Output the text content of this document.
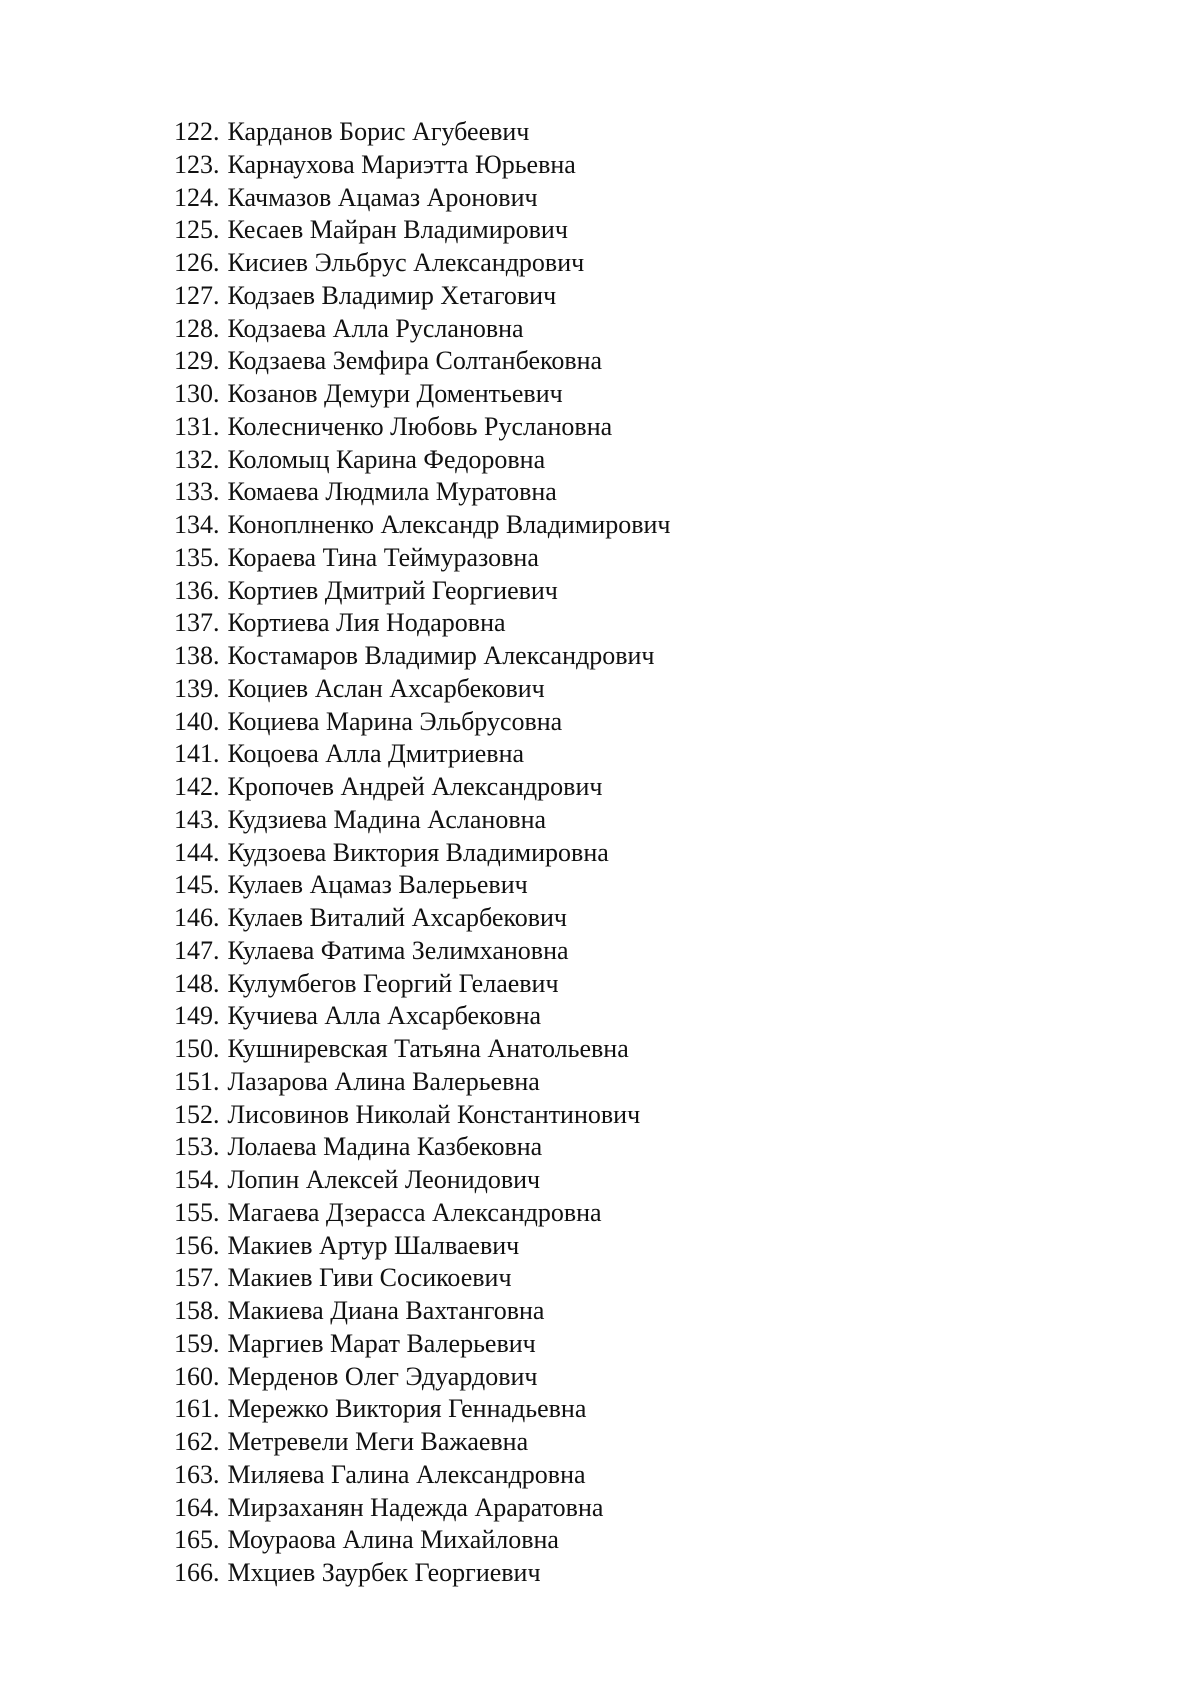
122. Карданов Борис Агубеевич
123. Карнаухова Мариэтта Юрьевна
124. Качмазов Ацамаз Аронович
125. Кесаев Майран Владимирович
126. Кисиев Эльбрус Александрович
127. Кодзаев Владимир Хетагович
128. Кодзаева Алла Руслановна
129. Кодзаева Земфира Солтанбековна
130. Козанов Демури Доментьевич
131. Колесниченко Любовь Руслановна
132. Коломыц Карина Федоровна
133. Комаева Людмила Муратовна
134. Коноплненко Александр Владимирович
135. Кораева Тина Теймуразовна
136. Кортиев Дмитрий Георгиевич
137. Кортиева Лия Нодаровна
138. Костамаров Владимир Александрович
139. Коциев Аслан Ахсарбекович
140. Коциева Марина Эльбрусовна
141. Коцоева Алла Дмитриевна
142. Кропочев Андрей Александрович
143. Кудзиева Мадина Аслановна
144. Кудзоева Виктория Владимировна
145. Кулаев Ацамаз Валерьевич
146. Кулаев Виталий Ахсарбекович
147. Кулаева Фатима Зелимхановна
148. Кулумбегов Георгий Гелаевич
149. Кучиева Алла Ахсарбековна
150. Кушниревская Татьяна Анатольевна
151. Лазарова Алина Валерьевна
152. Лисовинов Николай Константинович
153. Лолаева Мадина Казбековна
154. Лопин Алексей Леонидович
155. Магаева Дзерасса Александровна
156. Макиев Артур Шалваевич
157. Макиев Гиви Сосикоевич
158. Макиева Диана Вахтанговна
159. Маргиев Марат Валерьевич
160. Мерденов Олег Эдуардович
161. Мережко Виктория Геннадьевна
162. Метревели Меги Важаевна
163. Миляева Галина Александровна
164. Мирзаханян Надежда Араратовна
165. Моураова Алина Михайловна
166. Мхциев Заурбек Георгиевич
